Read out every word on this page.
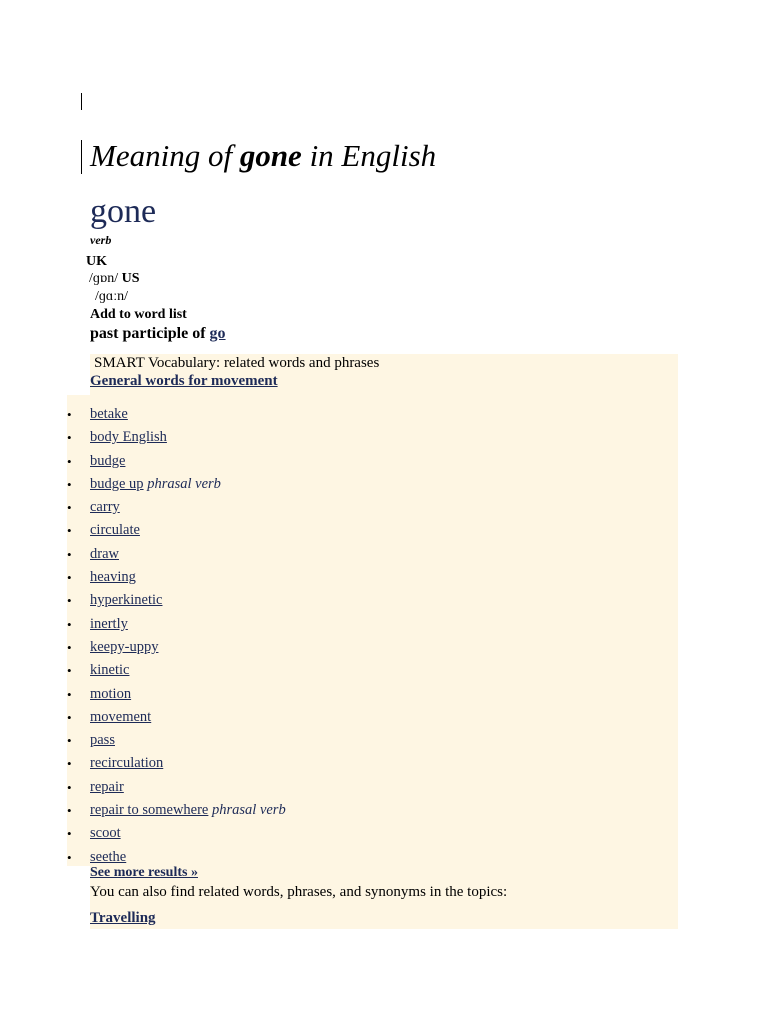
Meaning of gone in English
gone
verb
UK
/ɡɒn/ US
/ɡɑːn/
Add to word list
past participle of go
SMART Vocabulary: related words and phrases
General words for movement
• betake
• body English
• budge
• budge up phrasal verb
• carry
• circulate
• draw
• heaving
• hyperkinetic
• inertly
• keepy-uppy
• kinetic
• motion
• movement
• pass
• recirculation
• repair
• repair to somewhere phrasal verb
• scoot
• seethe
See more results »
You can also find related words, phrases, and synonyms in the topics:
Travelling
